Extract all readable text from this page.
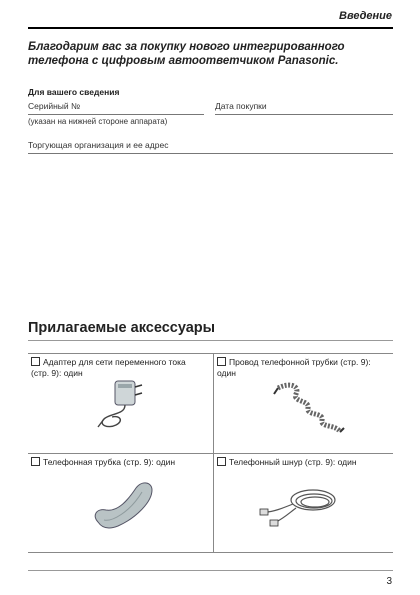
Введение
Благодарим вас за покупку нового интегрированного
телефона с цифровым автоответчиком Panasonic.
Для вашего сведения
Серийный №	Дата покупки
(указан на нижней стороне аппарата)
Торгующая организация и ее адрес
Прилагаемые аксессуары
Адаптер для сети переменного тока
(стр. 9): один
Провод телефонной трубки (стр. 9):
один
Телефонная трубка (стр. 9): один	Телефонный шнур (стр. 9): один
3
